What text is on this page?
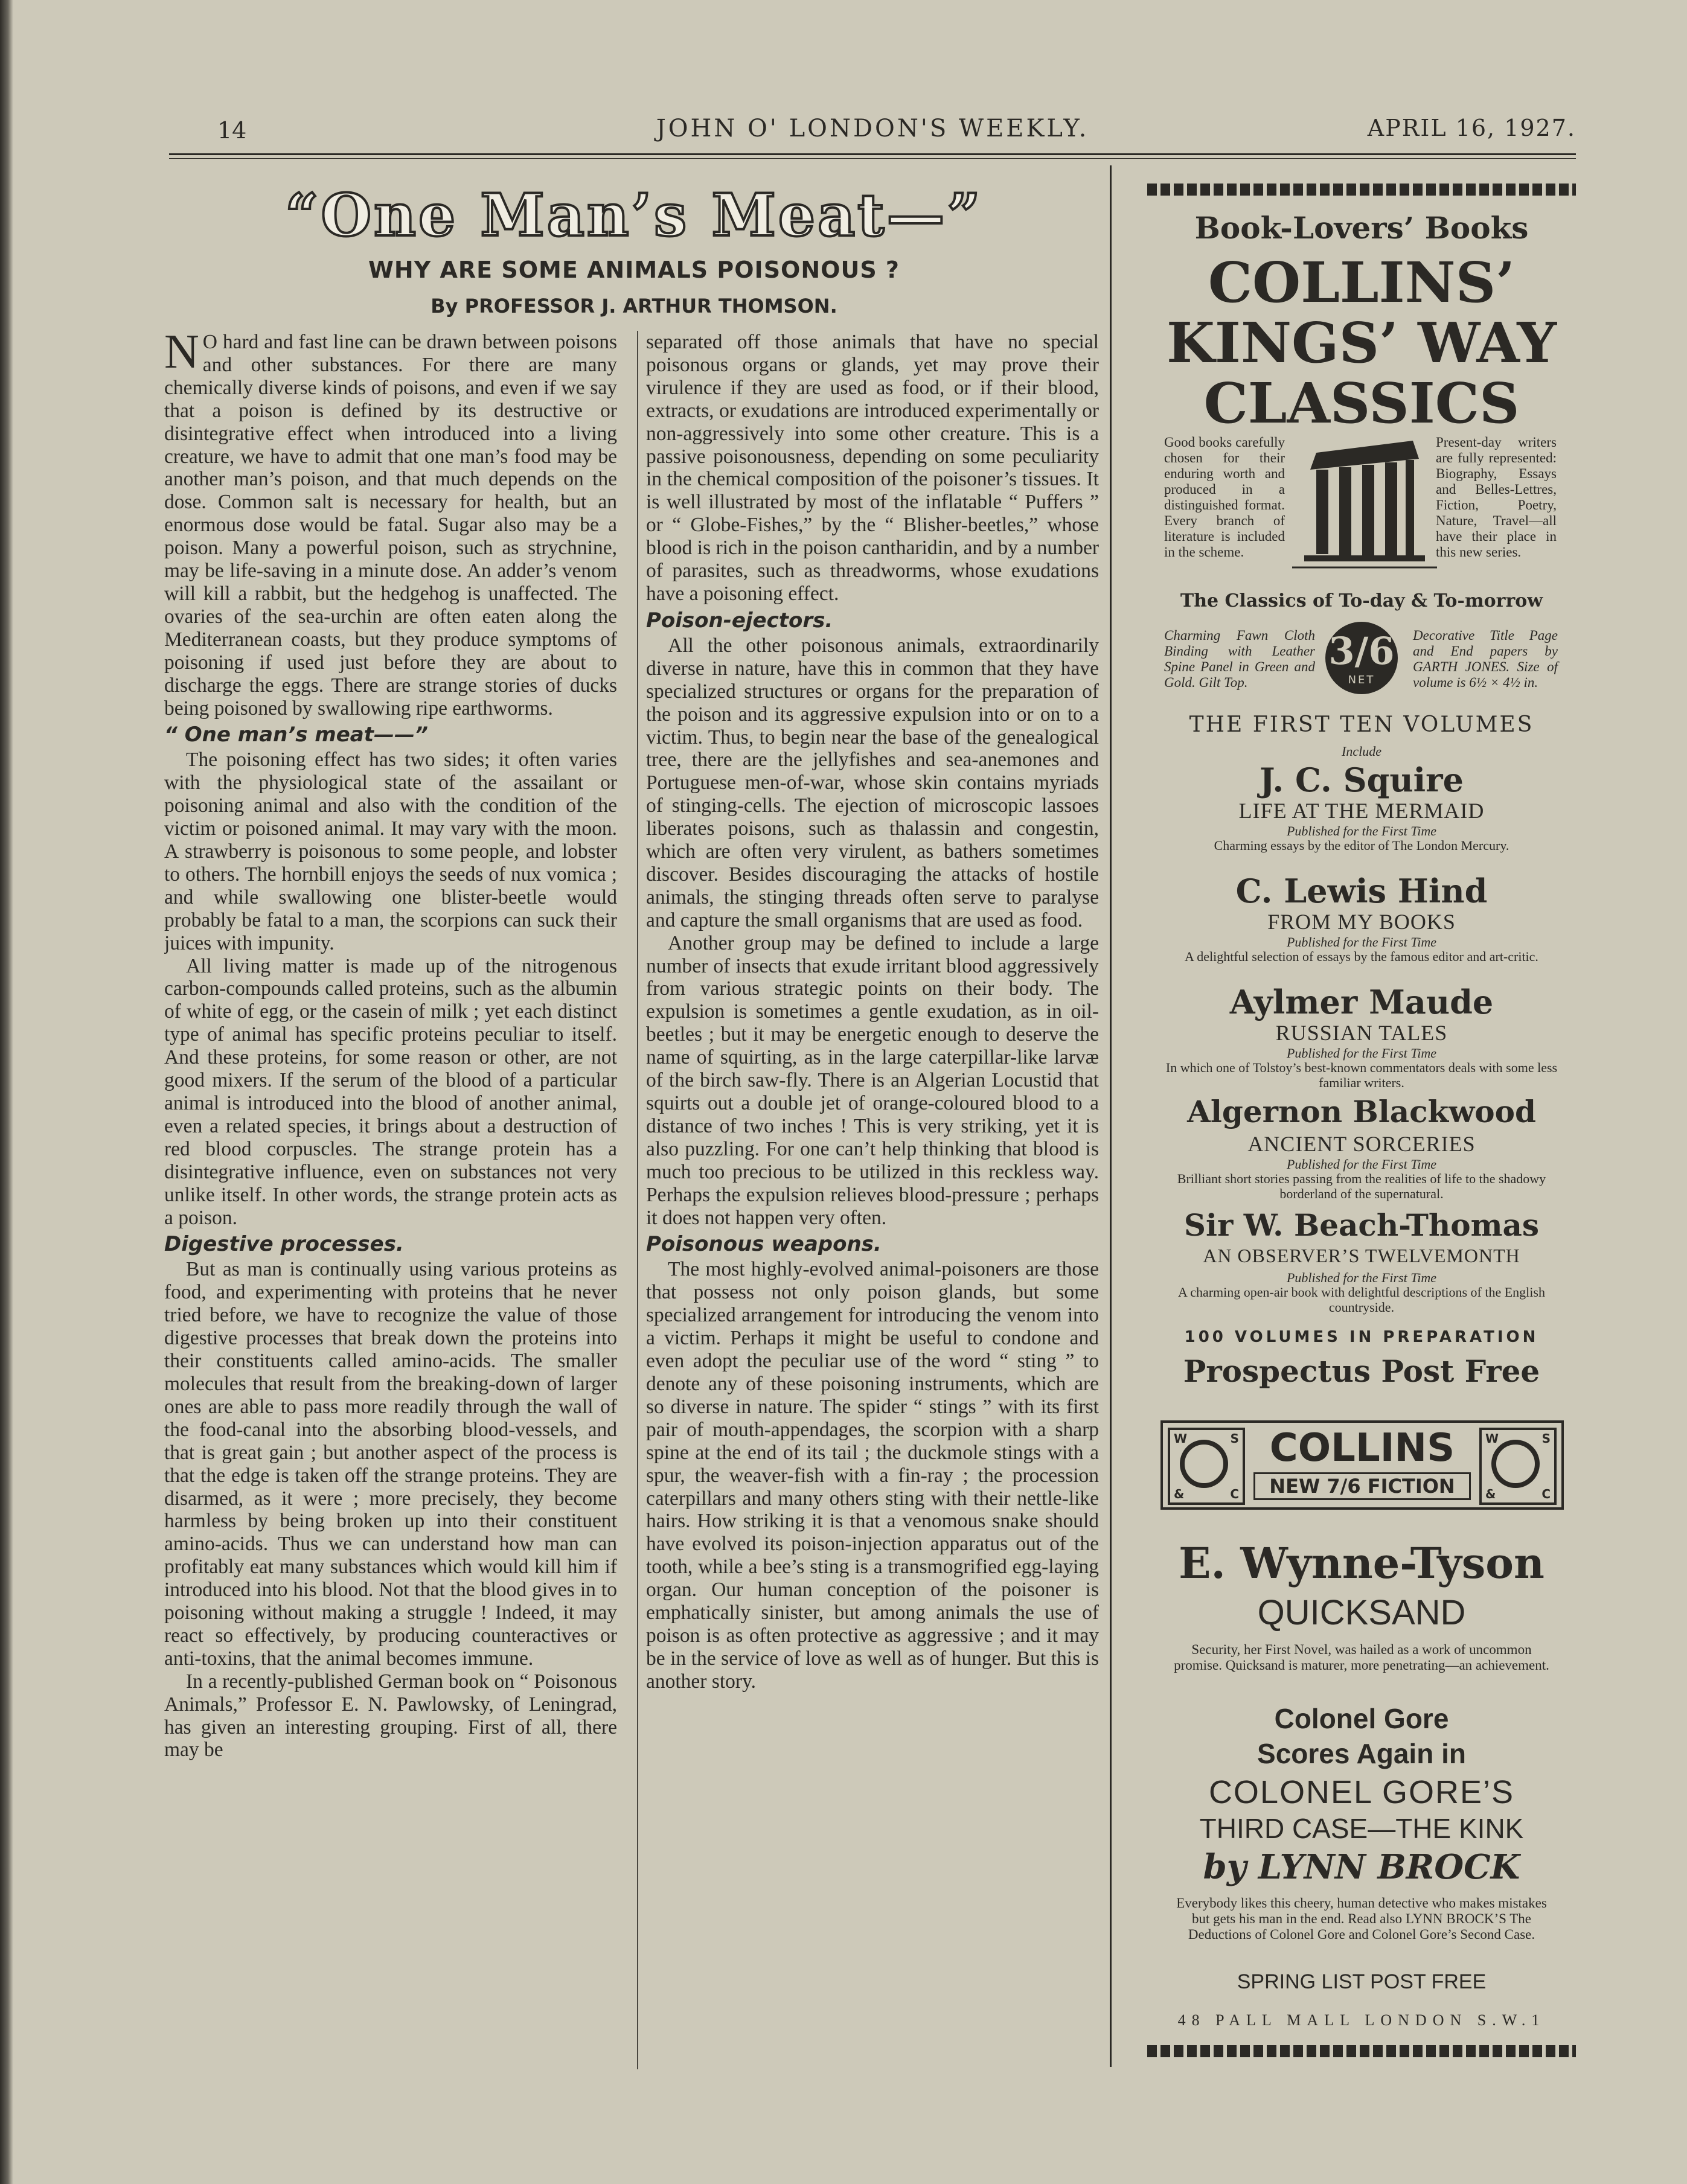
14	JOHN O' LONDON'S WEEKLY.	APRIL 16, 1927.
“One Man’s Meat—”
WHY ARE SOME ANIMALS POISONOUS ?
By PROFESSOR J. ARTHUR THOMSON.

N O hard and fast line can be drawn between poisons and other substances. For there are many chemically diverse kinds of poisons, and even if we say that a poison is defined by its destructive or disintegrative effect when introduced into a living creature, we have to admit that one man’s food may be another man’s poison, and that much depends on the dose. Common salt is necessary for health, but an enormous dose would be fatal. Sugar also may be a poison. Many a powerful poison, such as strychnine, may be life-saving in a minute dose. An adder’s venom will kill a rabbit, but the hedgehog is unaffected. The ovaries of the sea-urchin are often eaten along the Mediterranean coasts, but they produce symptoms of poisoning if used just before they are about to discharge the eggs. There are strange stories of ducks being poisoned by swallowing ripe earthworms.

“ One man’s meat——”

The poisoning effect has two sides; it often varies with the physiological state of the assailant or poisoning animal and also with the condition of the victim or poisoned animal. It may vary with the moon. A strawberry is poisonous to some people, and lobster to others. The hornbill enjoys the seeds of nux vomica ; and while swallowing one blister-beetle would probably be fatal to a man, the scorpions can suck their juices with impunity.

All living matter is made up of the nitrogenous carbon-compounds called proteins, such as the albumin of white of egg, or the casein of milk ; yet each distinct type of animal has specific proteins peculiar to itself. And these proteins, for some reason or other, are not good mixers. If the serum of the blood of a particular animal is introduced into the blood of another animal, even a related species, it brings about a destruction of red blood corpuscles. The strange protein has a disintegrative influence, even on substances not very unlike itself. In other words, the strange protein acts as a poison.

Digestive processes.

But as man is continually using various proteins as food, and experimenting with proteins that he never tried before, we have to recognize the value of those digestive processes that break down the proteins into their constituents called amino-acids. The smaller molecules that result from the breaking-down of larger ones are able to pass more readily through the wall of the food-canal into the absorbing blood-vessels, and that is great gain ; but another aspect of the process is that the edge is taken off the strange proteins. They are disarmed, as it were ; more precisely, they become harmless by being broken up into their constituent amino-acids. Thus we can understand how man can profitably eat many substances which would kill him if introduced into his blood. Not that the blood gives in to poisoning without making a struggle ! Indeed, it may react so effectively, by producing counteractives or anti-toxins, that the animal becomes immune.

In a recently-published German book on “ Poisonous Animals,” Professor E. N. Pawlowsky, of Leningrad, has given an interesting grouping. First of all, there may be

separated off those animals that have no special poisonous organs or glands, yet may prove their virulence if they are used as food, or if their blood, extracts, or exudations are introduced experimentally or non-aggressively into some other creature. This is a passive poisonousness, depending on some peculiarity in the chemical composition of the poisoner’s tissues. It is well illustrated by most of the inflatable “ Puffers ” or “ Globe-Fishes,” by the “ Blisher-beetles,” whose blood is rich in the poison cantharidin, and by a number of parasites, such as threadworms, whose exudations have a poisoning effect.

Poison-ejectors.

All the other poisonous animals, extraordinarily diverse in nature, have this in common that they have specialized structures or organs for the preparation of the poison and its aggressive expulsion into or on to a victim. Thus, to begin near the base of the genealogical tree, there are the jellyfishes and sea-anemones and Portuguese men-of-war, whose skin contains myriads of stinging-cells. The ejection of microscopic lassoes liberates poisons, such as thalassin and congestin, which are often very virulent, as bathers sometimes discover. Besides discouraging the attacks of hostile animals, the stinging threads often serve to paralyse and capture the small organisms that are used as food.

Another group may be defined to include a large number of insects that exude irritant blood aggressively from various strategic points on their body. The expulsion is sometimes a gentle exudation, as in oil-beetles ; but it may be energetic enough to deserve the name of squirting, as in the large caterpillar-like larvæ of the birch saw-fly. There is an Algerian Locustid that squirts out a double jet of orange-coloured blood to a distance of two inches ! This is very striking, yet it is also puzzling. For one can’t help thinking that blood is much too precious to be utilized in this reckless way. Perhaps the expulsion relieves blood-pressure ; perhaps it does not happen very often.

Poisonous weapons.

The most highly-evolved animal-poisoners are those that possess not only poison glands, but some specialized arrangement for introducing the venom into a victim. Perhaps it might be useful to condone and even adopt the peculiar use of the word “ sting ” to denote any of these poisoning instruments, which are so diverse in nature. The spider “ stings ” with its first pair of mouth-appendages, the scorpion with a sharp spine at the end of its tail ; the duckmole stings with a spur, the weaver-fish with a fin-ray ; the procession caterpillars and many others sting with their nettle-like hairs. How striking it is that a venomous snake should have evolved its poison-injection apparatus out of the tooth, while a bee’s sting is a transmogrified egg-laying organ. Our human conception of the poisoner is emphatically sinister, but among animals the use of poison is as often protective as aggressive ; and it may be in the service of love as well as of hunger. But this is another story.

Book-Lovers’ Books
COLLINS’
KINGS’ WAY
CLASSICS
Good books carefully chosen for their enduring worth and produced in a distinguished format. Every branch of literature is included in the scheme.
Present-day writers are fully represented: Biography, Essays and Belles-Lettres, Fiction, Poetry, Nature, Travel—all have their place in this new series.
The Classics of To-day & To-morrow
Charming Fawn Cloth Binding with Leather Spine Panel in Green and Gold. Gilt Top.
3/6
NET
Decorative Title Page and End papers by GARTH JONES. Size of volume is 6½ × 4½ in.
THE FIRST TEN VOLUMES
Include
J. C. Squire
LIFE AT THE MERMAID
Published for the First Time
Charming essays by the editor of The London Mercury.
C. Lewis Hind
FROM MY BOOKS
Published for the First Time
A delightful selection of essays by the famous editor and art-critic.
Aylmer Maude
RUSSIAN TALES
Published for the First Time
In which one of Tolstoy’s best-known commentators deals with some less familiar writers.
Algernon Blackwood
ANCIENT SORCERIES
Published for the First Time
Brilliant short stories passing from the realities of life to the shadowy borderland of the supernatural.
Sir W. Beach-Thomas
AN OBSERVER’S TWELVEMONTH
Published for the First Time
A charming open-air book with delightful descriptions of the English countryside.
100 VOLUMES IN PREPARATION
Prospectus Post Free
W	S
&	C
COLLINS
NEW 7/6 FICTION
W	S
&	C
E. Wynne-Tyson
QUICKSAND
Security, her First Novel, was hailed as a work of uncommon promise. Quicksand is maturer, more penetrating—an achievement.
Colonel Gore
Scores Again in
COLONEL GORE’S
THIRD CASE—THE KINK
by LYNN BROCK
Everybody likes this cheery, human detective who makes mistakes but gets his man in the end. Read also LYNN BROCK’S The Deductions of Colonel Gore and Colonel Gore’s Second Case.
SPRING LIST POST FREE
48 PALL MALL LONDON S.W.1
